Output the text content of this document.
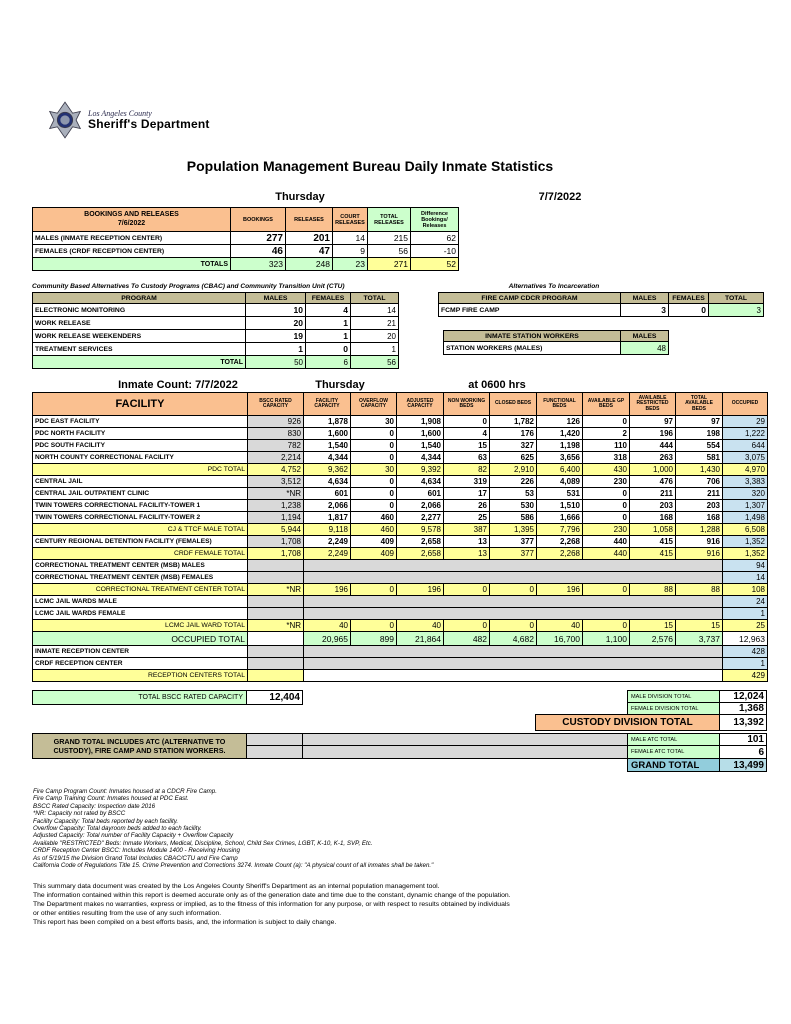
Los Angeles County
Sheriff's Department
Population Management Bureau Daily Inmate Statistics
Thursday	7/7/2022
BOOKINGS AND RELEASES
7/6/2022	BOOKINGS	RELEASES	COURT RELEASES	TOTAL RELEASES	Difference Bookings/ Releases
MALES (INMATE RECEPTION CENTER)	277	201	14	215	62
FEMALES (CRDF RECEPTION CENTER)	46	47	9	56	-10
TOTALS	323	248	23	271	52
Community Based Alternatives To Custody Programs (CBAC) and Community Transition Unit (CTU)
PROGRAM	MALES	FEMALES	TOTAL
ELECTRONIC MONITORING	10	4	14
WORK RELEASE	20	1	21
WORK RELEASE WEEKENDERS	19	1	20
TREATMENT SERVICES	1	0	1
TOTAL	50	6	56
Alternatives To Incarceration
FIRE CAMP CDCR PROGRAM	MALES	FEMALES	TOTAL
FCMP FIRE CAMP	3	0	3
INMATE STATION WORKERS	MALES
STATION WORKERS (MALES)	48
Inmate Count: 7/7/2022	Thursday	at 0600 hrs
FACILITY	BSCC RATED CAPACITY	FACILITY CAPACITY	OVERFLOW CAPACITY	ADJUSTED CAPACITY	NON WORKING BEDS	CLOSED BEDS	FUNCTIONAL BEDS	AVAILABLE GP BEDS	AVAILABLE RESTRICTED BEDS	TOTAL AVAILABLE BEDS	OCCUPIED
PDC EAST FACILITY	926	1,878	30	1,908	0	1,782	126	0	97	97	29
PDC NORTH FACILITY	830	1,600	0	1,600	4	176	1,420	2	196	198	1,222
PDC SOUTH FACILITY	782	1,540	0	1,540	15	327	1,198	110	444	554	644
NORTH COUNTY CORRECTIONAL FACILITY	2,214	4,344	0	4,344	63	625	3,656	318	263	581	3,075
PDC TOTAL	4,752	9,362	30	9,392	82	2,910	6,400	430	1,000	1,430	4,970
CENTRAL JAIL	3,512	4,634	0	4,634	319	226	4,089	230	476	706	3,383
CENTRAL JAIL OUTPATIENT CLINIC	*NR	601	0	601	17	53	531	0	211	211	320
TWIN TOWERS CORRECTIONAL FACILITY-TOWER 1	1,238	2,066	0	2,066	26	530	1,510	0	203	203	1,307
TWIN TOWERS CORRECTIONAL FACILITY-TOWER 2	1,194	1,817	460	2,277	25	586	1,666	0	168	168	1,498
CJ & TTCF MALE TOTAL	5,944	9,118	460	9,578	387	1,395	7,796	230	1,058	1,288	6,508
CENTURY REGIONAL DETENTION FACILITY (FEMALES)	1,708	2,249	409	2,658	13	377	2,268	440	415	916	1,352
CRDF FEMALE TOTAL	1,708	2,249	409	2,658	13	377	2,268	440	415	916	1,352
CORRECTIONAL TREATMENT CENTER (MSB) MALES											94
CORRECTIONAL TREATMENT CENTER (MSB) FEMALES											14
CORRECTIONAL TREATMENT CENTER TOTAL	*NR	196	0	196	0	0	196	0	88	88	108
LCMC JAIL WARDS MALE											24
LCMC JAIL WARDS FEMALE											1
LCMC JAIL WARD TOTAL	*NR	40	0	40	0	0	40	0	15	15	25
OCCUPIED TOTAL		20,965	899	21,864	482	4,682	16,700	1,100	2,576	3,737	12,963
INMATE RECEPTION CENTER											428
CRDF RECEPTION CENTER											1
RECEPTION CENTERS TOTAL											429
TOTAL BSCC RATED CAPACITY	12,404	MALE DIVISION TOTAL	12,024
FEMALE DIVISION TOTAL	1,368
CUSTODY DIVISION TOTAL	13,392
GRAND TOTAL INCLUDES ATC (ALTERNATIVE TO
CUSTODY), FIRE CAMP AND STATION WORKERS.
MALE ATC TOTAL	101
FEMALE ATC TOTAL	6
GRAND TOTAL	13,499
Fire Camp Program Count: Inmates housed at a CDCR Fire Camp.
Fire Camp Training Count: Inmates housed at PDC East.
BSCC Rated Capacity: Inspection date 2016
*NR: Capacity not rated by BSCC
Facility Capacity: Total beds reported by each facility.
Overflow Capacity: Total dayroom beds added to each facility.
Adjusted Capacity: Total number of Facility Capacity + Overflow Capacity
Available "RESTRICTED" Beds: Inmate Workers, Medical, Discipline, School, Child Sex Crimes, LGBT, K-10, K-1, SVP, Etc.
CRDF Reception Center BSCC: Includes Module 1400 - Receiving Housing
As of 5/19/15 the Division Grand Total Includes CBAC/CTU and Fire Camp
California Code of Regulations Title 15. Crime Prevention and Corrections 3274. Inmate Count (a): "A physical count of all inmates shall be taken."
This summary data document was created by the Los Angeles County Sheriff's Department as an internal population management tool.
The information contained within this report is deemed accurate only as of the generation date and time due to the constant, dynamic change of the population.
The Department makes no warranties, express or implied, as to the fitness of this information for any purpose, or with respect to results obtained by individuals
or other entities resulting from the use of any such information.
This report has been compiled on a best efforts basis, and, the information is subject to daily change.
